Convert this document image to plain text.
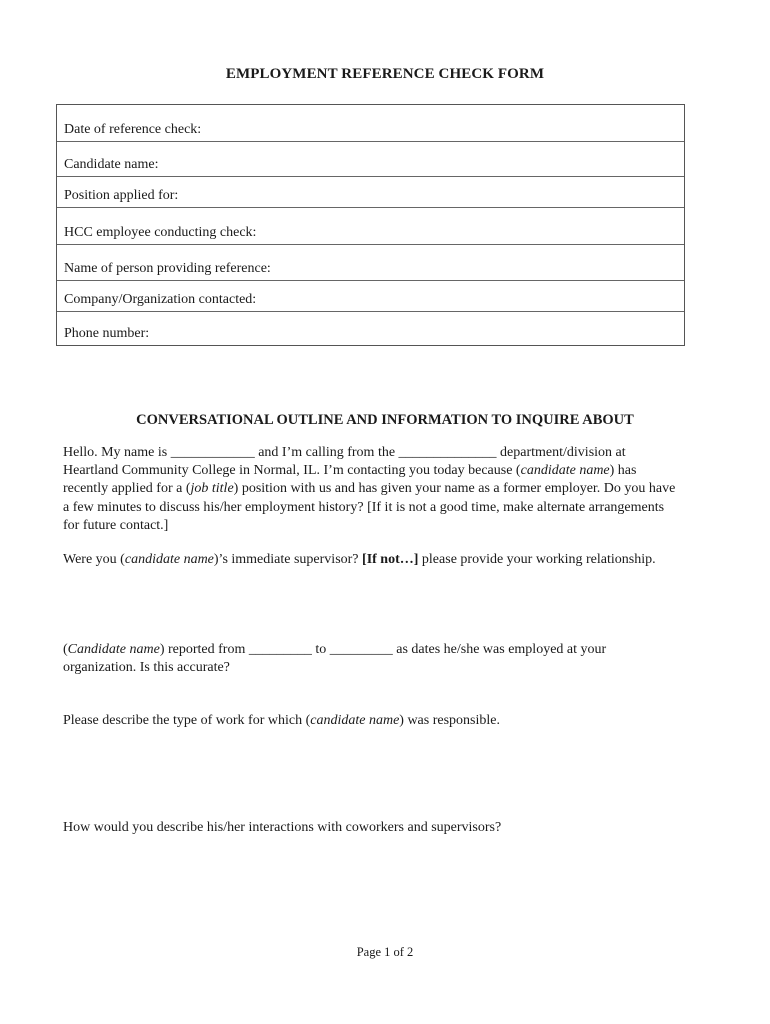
EMPLOYMENT REFERENCE CHECK FORM
Date of reference check:
Candidate name:
Position applied for:
HCC employee conducting check:
Name of person providing reference:
Company/Organization contacted:
Phone number:
CONVERSATIONAL OUTLINE AND INFORMATION TO INQUIRE ABOUT
Hello. My name is ____________ and I’m calling from the ______________ department/division at
Heartland Community College in Normal, IL. I’m contacting you today because (candidate name) has
recently applied for a (job title) position with us and has given your name as a former employer. Do you have
a few minutes to discuss his/her employment history? [If it is not a good time, make alternate arrangements
for future contact.]
Were you (candidate name)’s immediate supervisor? [If not…] please provide your working relationship.
(Candidate name) reported from _________ to _________ as dates he/she was employed at your
organization. Is this accurate?
Please describe the type of work for which (candidate name) was responsible.
How would you describe his/her interactions with coworkers and supervisors?
Page 1 of 2
